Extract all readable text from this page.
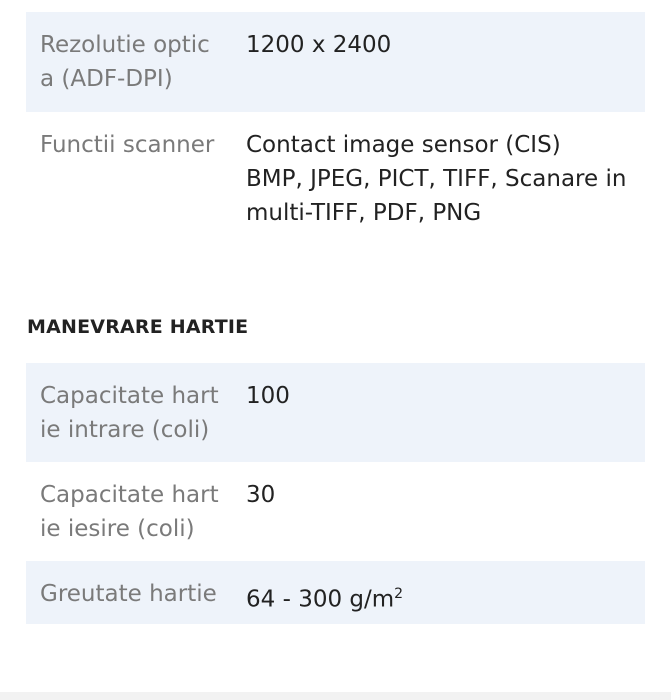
Rezolutie optic
a (ADF-DPI)
1200 x 2400
Functii scanner	Contact image sensor (CIS)
BMP, JPEG, PICT, TIFF, Scanare in
multi-TIFF, PDF, PNG
MANEVRARE HARTIE
Capacitate hart
ie intrare (coli)
100
Capacitate hart
ie iesire (coli)
30
Greutate hartie	64 - 300 $g/m^2$
